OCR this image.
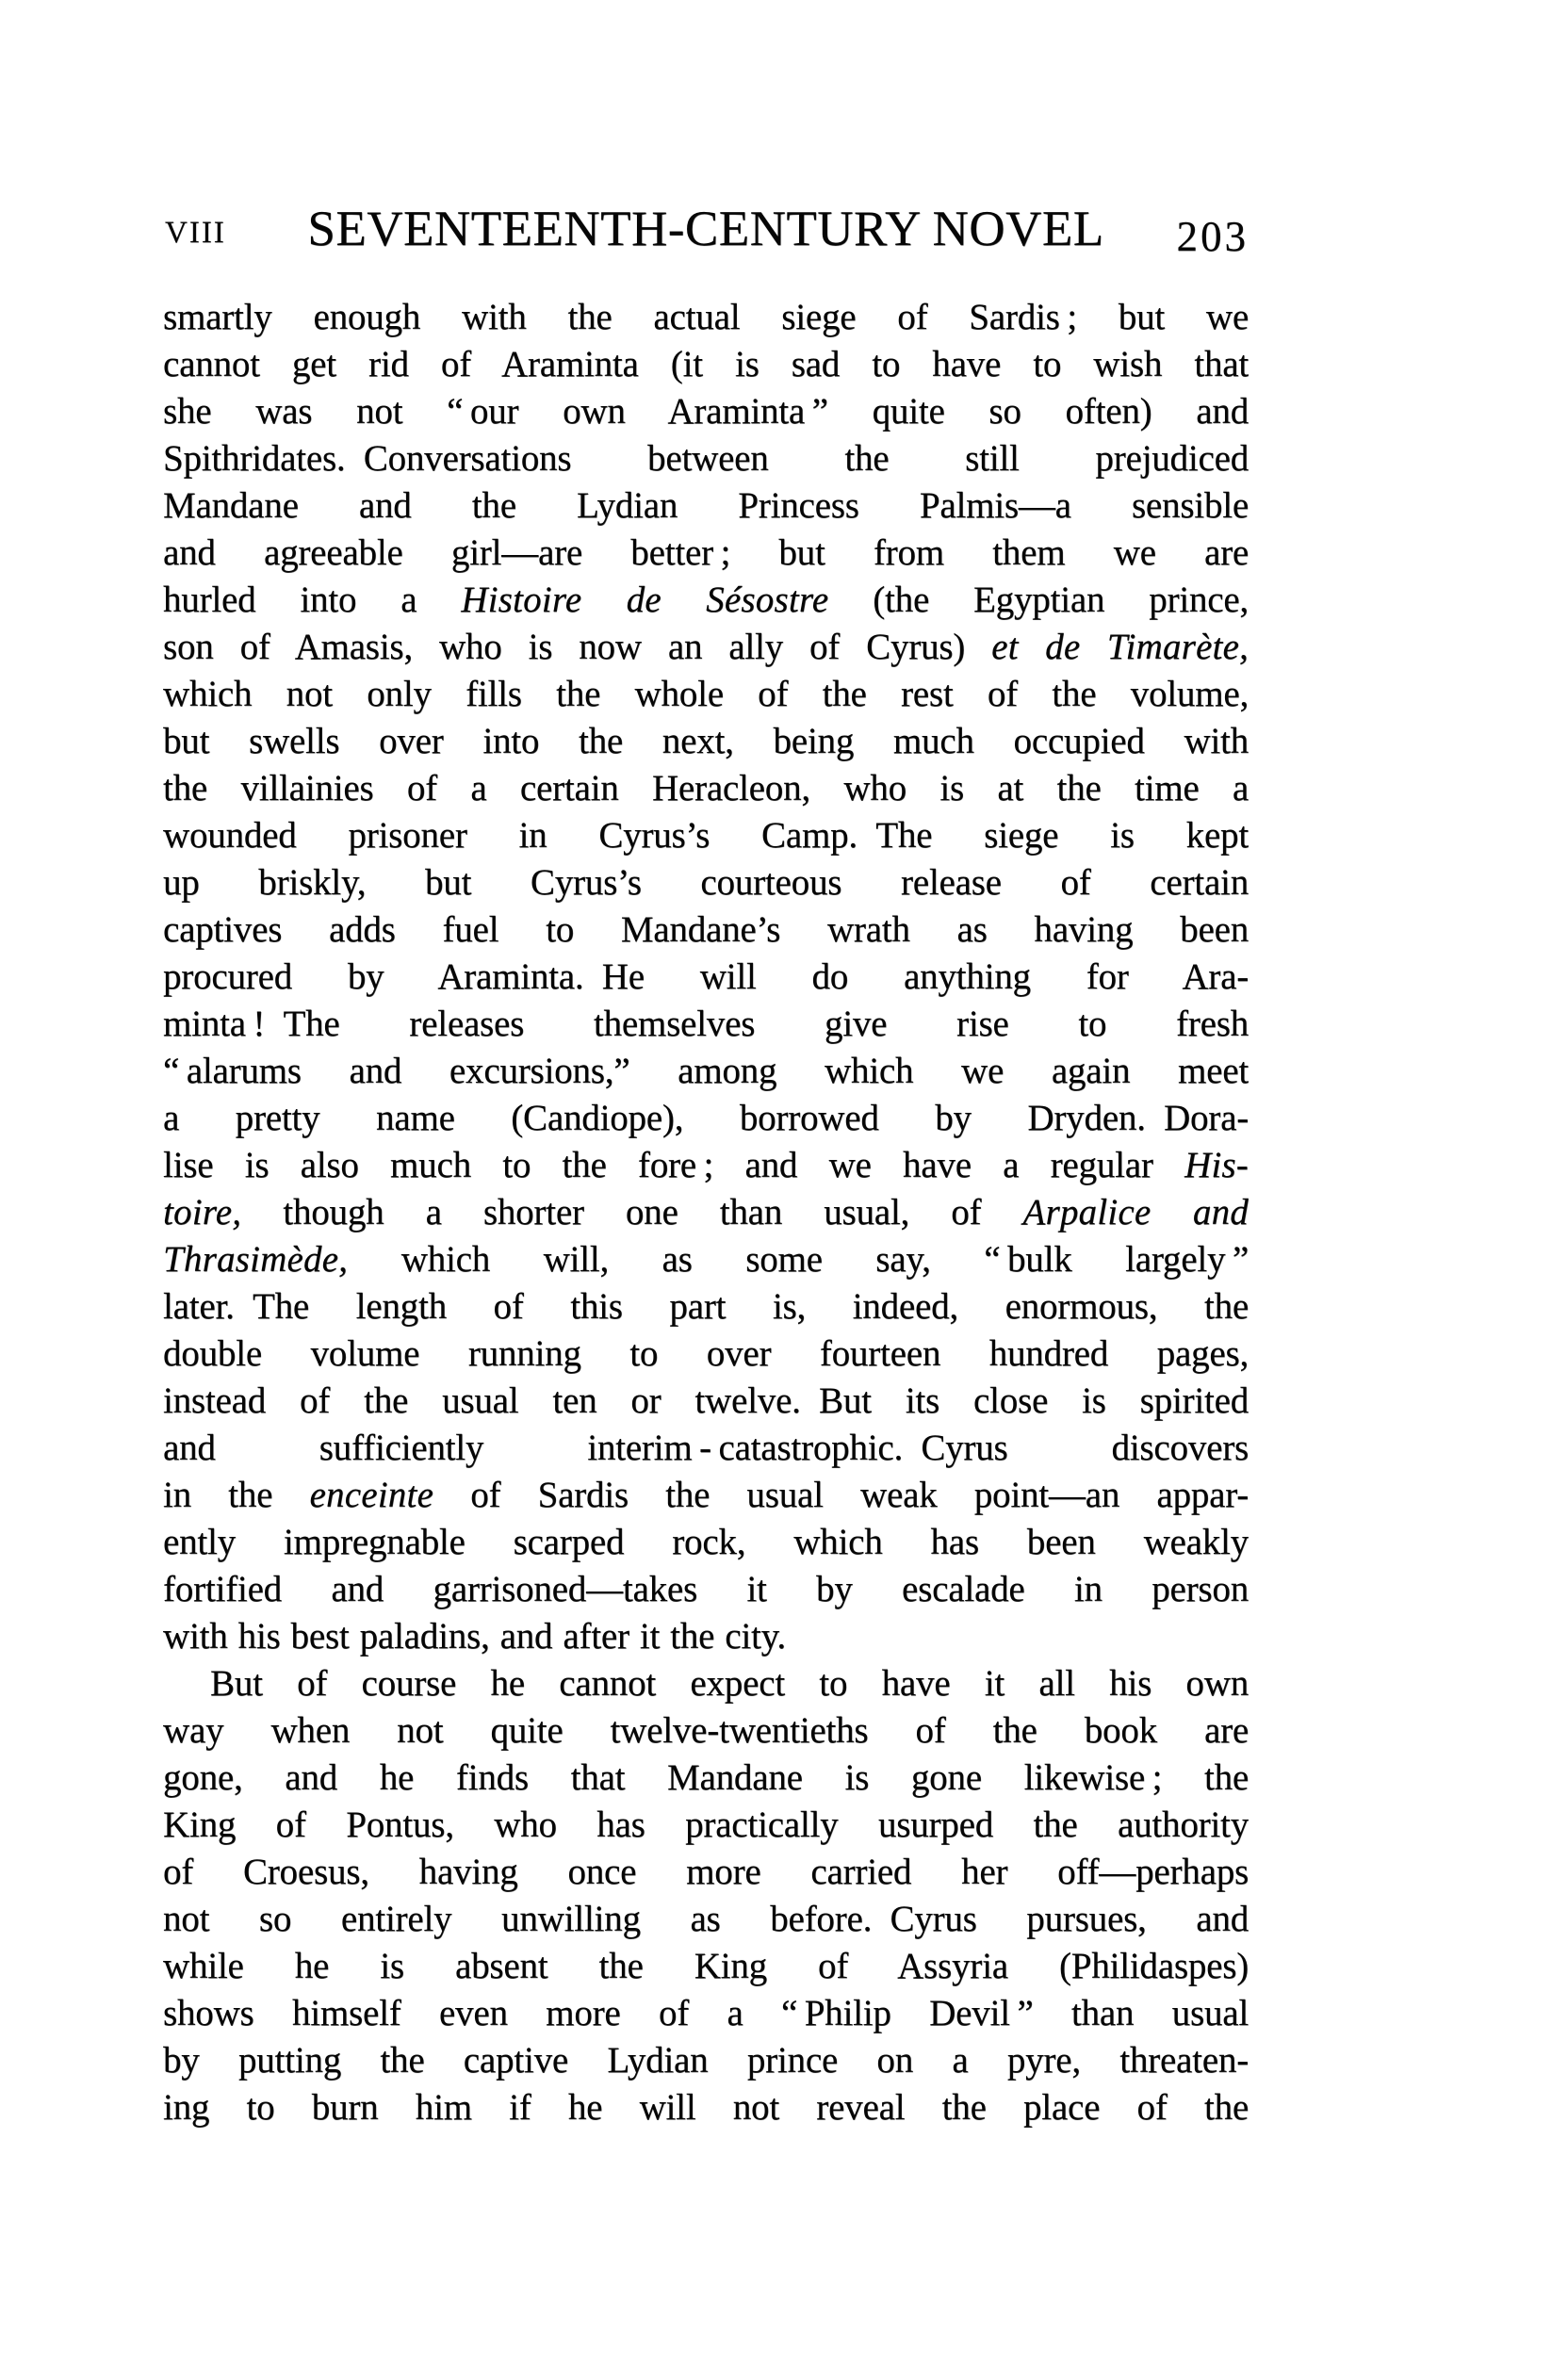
VIII	SEVENTEENTH-CENTURY NOVEL	203
smartly enough with the actual siege of Sardis ; but we
cannot get rid of Araminta (it is sad to have to wish that
she was not “ our own Araminta ” quite so often) and
Spithridates. Conversations between the still prejudiced
Mandane and the Lydian Princess Palmis—a sensible
and agreeable girl—are better ; but from them we are
hurled into a Histoire de Sésostre (the Egyptian prince,
son of Amasis, who is now an ally of Cyrus) et de Timarète,
which not only fills the whole of the rest of the volume,
but swells over into the next, being much occupied with
the villainies of a certain Heracleon, who is at the time a
wounded prisoner in Cyrus’s Camp. The siege is kept
up briskly, but Cyrus’s courteous release of certain
captives adds fuel to Mandane’s wrath as having been
procured by Araminta. He will do anything for Ara-
minta ! The releases themselves give rise to fresh
“ alarums and excursions,” among which we again meet
a pretty name (Candiope), borrowed by Dryden. Dora-
lise is also much to the fore ; and we have a regular His-
toire, though a shorter one than usual, of Arpalice and
Thrasimède, which will, as some say, “ bulk largely ”
later. The length of this part is, indeed, enormous, the
double volume running to over fourteen hundred pages,
instead of the usual ten or twelve. But its close is spirited
and sufficiently interim - catastrophic. Cyrus discovers
in the enceinte of Sardis the usual weak point—an appar-
ently impregnable scarped rock, which has been weakly
fortified and garrisoned—takes it by escalade in person
with his best paladins, and after it the city.
But of course he cannot expect to have it all his own
way when not quite twelve-twentieths of the book are
gone, and he finds that Mandane is gone likewise ; the
King of Pontus, who has practically usurped the authority
of Croesus, having once more carried her off—perhaps
not so entirely unwilling as before. Cyrus pursues, and
while he is absent the King of Assyria (Philidaspes)
shows himself even more of a “ Philip Devil ” than usual
by putting the captive Lydian prince on a pyre, threaten-
ing to burn him if he will not reveal the place of the
